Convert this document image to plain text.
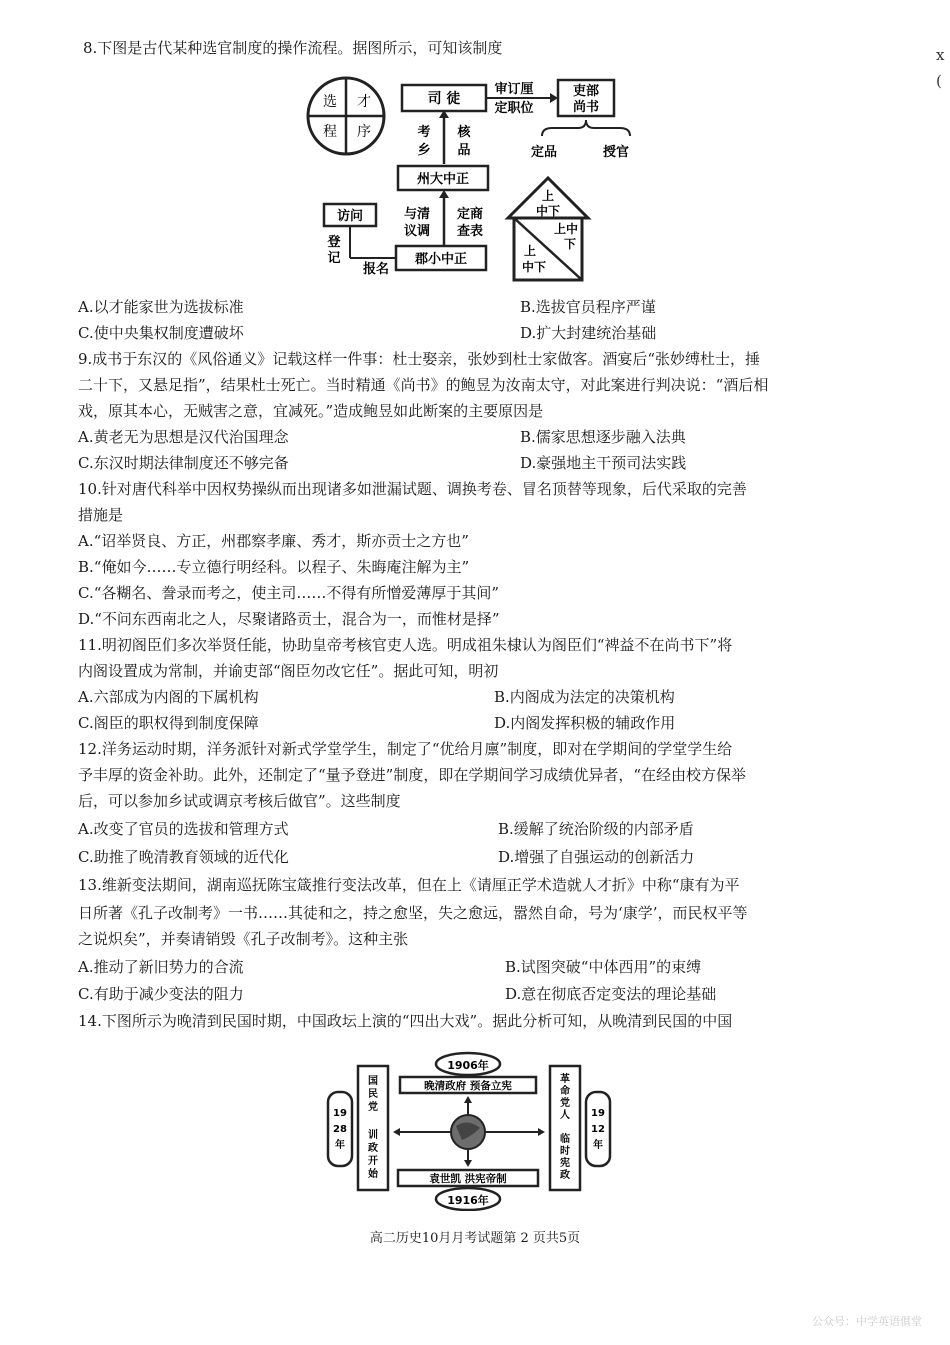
8.下图是古代某种选官制度的操作流程。据图所示，可知该制度
选 才
程 序
司 徒
审订厘
定职位
吏部
尚书
定品	授官
考
乡
核
品
州大中正
与清
议调
定商
查表
访问
登
记
报名
郡小中正
上
中下
上中
下
上
中下
A.以才能家世为选拔标准	B.选拔官员程序严谨
C.使中央集权制度遭破坏	D.扩大封建统治基础
9.成书于东汉的《风俗通义》记载这样一件事：杜士娶亲，张妙到杜士家做客。酒宴后“张妙缚杜士，捶
二十下，又悬足指”，结果杜士死亡。当时精通《尚书》的鲍昱为汝南太守，对此案进行判决说：“酒后相
戏，原其本心，无贼害之意，宜减死。”造成鲍昱如此断案的主要原因是
A.黄老无为思想是汉代治国理念	B.儒家思想逐步融入法典
C.东汉时期法律制度还不够完备	D.豪强地主干预司法实践
10.针对唐代科举中因权势操纵而出现诸多如泄漏试题、调换考卷、冒名顶替等现象，后代采取的完善
措施是
A.“诏举贤良、方正，州郡察孝廉、秀才，斯亦贡士之方也”
B.“俺如今……专立德行明经科。以程子、朱晦庵注解为主”
C.“各糊名、誊录而考之，使主司……不得有所憎爱薄厚于其间”
D.“不问东西南北之人，尽聚诸路贡士，混合为一，而惟材是择”
11.明初阁臣们多次举贤任能，协助皇帝考核官吏人选。明成祖朱棣认为阁臣们“裨益不在尚书下”将
内阁设置成为常制，并谕吏部“阁臣勿改它任”。据此可知，明初
A.六部成为内阁的下属机构	B.内阁成为法定的决策机构
C.阁臣的职权得到制度保障	D.内阁发挥积极的辅政作用
12.洋务运动时期，洋务派针对新式学堂学生，制定了“优给月廪”制度，即对在学期间的学堂学生给
予丰厚的资金补助。此外，还制定了“量予登进”制度，即在学期间学习成绩优异者，“在经由校方保举
后，可以参加乡试或调京考核后做官”。这些制度
A.改变了官员的选拔和管理方式	B.缓解了统治阶级的内部矛盾
C.助推了晚清教育领域的近代化	D.增强了自强运动的创新活力
13.维新变法期间，湖南巡抚陈宝箴推行变法改革，但在上《请厘正学术造就人才折》中称“康有为平
日所著《孔子改制考》一书……其徒和之，持之愈坚，失之愈远，嚣然自命，号为‘康学’，而民权平等
之说炽矣”，并奏请销毁《孔子改制考》。这种主张
A.推动了新旧势力的合流	B.试图突破“中体西用”的束缚
C.有助于减少变法的阻力	D.意在彻底否定变法的理论基础
14.下图所示为晚清到民国时期，中国政坛上演的“四出大戏”。据此分析可知，从晚清到民国的中国
1906年
晚清政府 预备立宪
袁世凯 洪宪帝制
1916年
国
民
党
训
政
开
始
革
命
党
人
临
时
宪
政
19
28
年
19
12
年
高二历史10月月考试题第 2 页共5页
公众号：中学英语俱堂
x
(
